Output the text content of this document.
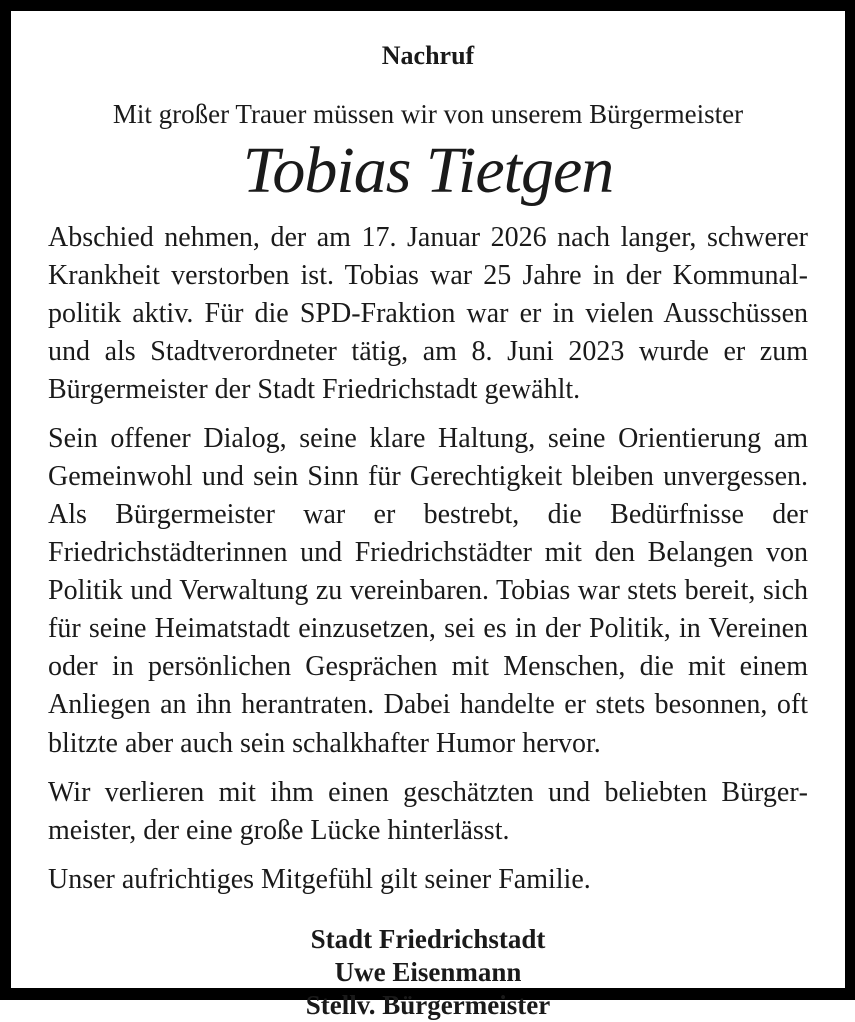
Nachruf

Mit großer Trauer müssen wir von unserem Bürgermeister

Tobias Tietgen

Abschied nehmen, der am 17. Januar 2026 nach langer, schwerer Krankheit verstorben ist. Tobias war 25 Jahre in der Kommunalpolitik aktiv. Für die SPD-Fraktion war er in vielen Ausschüssen und als Stadtverordneter tätig, am 8. Juni 2023 wurde er zum Bürgermeister der Stadt Friedrichstadt gewählt.

Sein offener Dialog, seine klare Haltung, seine Orientierung am Gemeinwohl und sein Sinn für Gerechtigkeit bleiben unvergessen. Als Bürgermeister war er bestrebt, die Bedürfnisse der Friedrichstädterinnen und Friedrichstädter mit den Belangen von Politik und Verwaltung zu vereinbaren. Tobias war stets bereit, sich für seine Heimatstadt einzusetzen, sei es in der Politik, in Vereinen oder in persönlichen Gesprächen mit Menschen, die mit einem Anliegen an ihn herantraten. Dabei handelte er stets besonnen, oft blitzte aber auch sein schalkhafter Humor hervor.

Wir verlieren mit ihm einen geschätzten und beliebten Bürgermeister, der eine große Lücke hinterlässt.

Unser aufrichtiges Mitgefühl gilt seiner Familie.

Stadt Friedrichstadt
Uwe Eisenmann
Stellv. Bürgermeister
